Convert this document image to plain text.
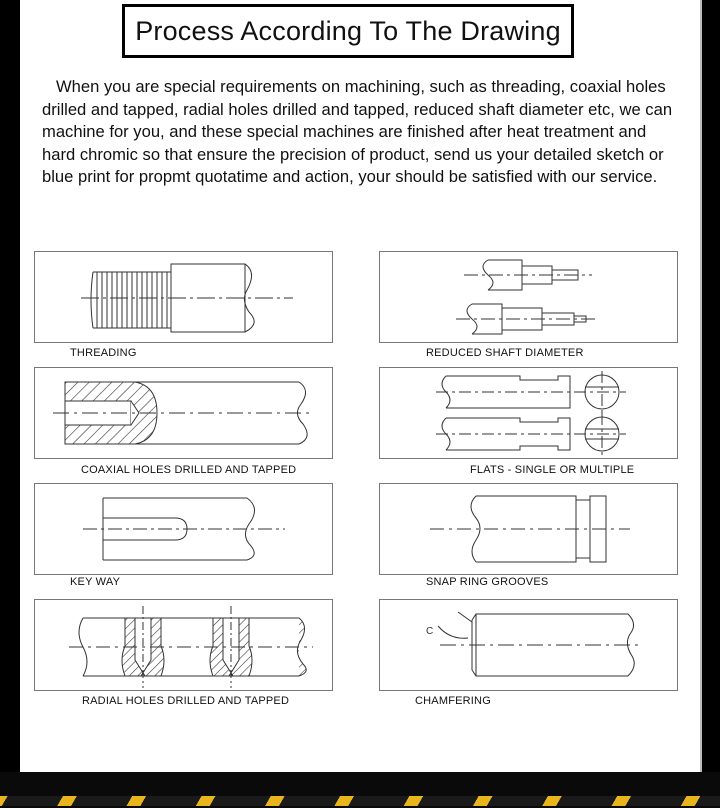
Process According To The Drawing

When you are special requirements on machining, such as threading, coaxial holes drilled and tapped, radial holes drilled and tapped, reduced shaft diameter etc, we can machine for you, and these special machines are finished after heat treatment and hard chromic so that ensure the precision of product, send us your detailed sketch or blue print for propmt quotatime and action, your should be satisfied with our service.

THREADING	REDUCED SHAFT DIAMETER
COAXIAL HOLES DRILLED AND TAPPED	FLATS - SINGLE OR MULTIPLE
KEY WAY	SNAP RING GROOVES
RADIAL HOLES DRILLED AND TAPPED
C
CHAMFERING
